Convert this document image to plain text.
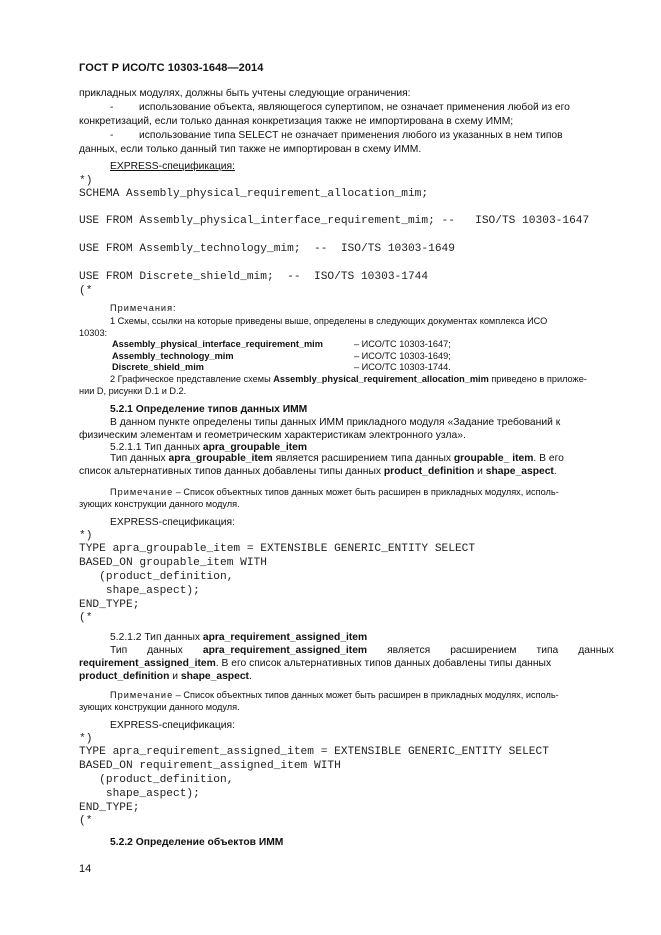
ГОСТ Р ИСО/ТС 10303-1648—2014
прикладных модулях, должны быть учтены следующие ограничения:
- использование объекта, являющегося супертипом, не означает применения любой из его
конкретизаций, если только данная конкретизация также не импортирована в схему ИММ;
- использование типа SELECT не означает применения любого из указанных в нем типов
данных, если только данный тип также не импортирован в схему ИММ.
EXPRESS-спецификация:
*)
SCHEMA Assembly_physical_requirement_allocation_mim;
USE FROM Assembly_physical_interface_requirement_mim; --   ISO/TS 10303-1647
USE FROM Assembly_technology_mim;  --  ISO/TS 10303-1649
USE FROM Discrete_shield_mim;  --  ISO/TS 10303-1744
(*
Примечания:
1 Схемы, ссылки на которые приведены выше, определены в следующих документах комплекса ИСО
10303:
Assembly_physical_interface_requirement_mim	– ИСО/ТС 10303-1647;
Assembly_technology_mim	– ИСО/ТС 10303-1649;
Discrete_shield_mim	– ИСО/ТС 10303-1744.
2 Графическое представление схемы Assembly_physical_requirement_allocation_mim приведено в приложе-
нии D, рисунки D.1 и D.2.
5.2.1 Определение типов данных ИММ
В данном пункте определены типы данных ИММ прикладного модуля «Задание требований к
физическим элементам и геометрическим характеристикам электронного узла».
5.2.1.1 Тип данных apra_groupable_item
Тип данных apra_groupable_item является расширением типа данных groupable_ item. В его
список альтернативных типов данных добавлены типы данных product_definition и shape_aspect.
Примечание – Список объектных типов данных может быть расширен в прикладных модулях, исполь-
зующих конструкции данного модуля.
EXPRESS-спецификация:
*)
TYPE apra_groupable_item = EXTENSIBLE GENERIC_ENTITY SELECT
BASED_ON groupable_item WITH
(product_definition,
shape_aspect);
END_TYPE;
(*
5.2.1.2 Тип данных apra_requirement_assigned_item
Тип данных apra_requirement_assigned_item является расширением типа данных
requirement_assigned_item. В его список альтернативных типов данных добавлены типы данных
product_definition и shape_aspect.
Примечание – Список объектных типов данных может быть расширен в прикладных модулях, исполь-
зующих конструкции данного модуля.
EXPRESS-спецификация:
*)
TYPE apra_requirement_assigned_item = EXTENSIBLE GENERIC_ENTITY SELECT
BASED_ON requirement_assigned_item WITH
(product_definition,
shape_aspect);
END_TYPE;
(*
5.2.2 Определение объектов ИММ
14
